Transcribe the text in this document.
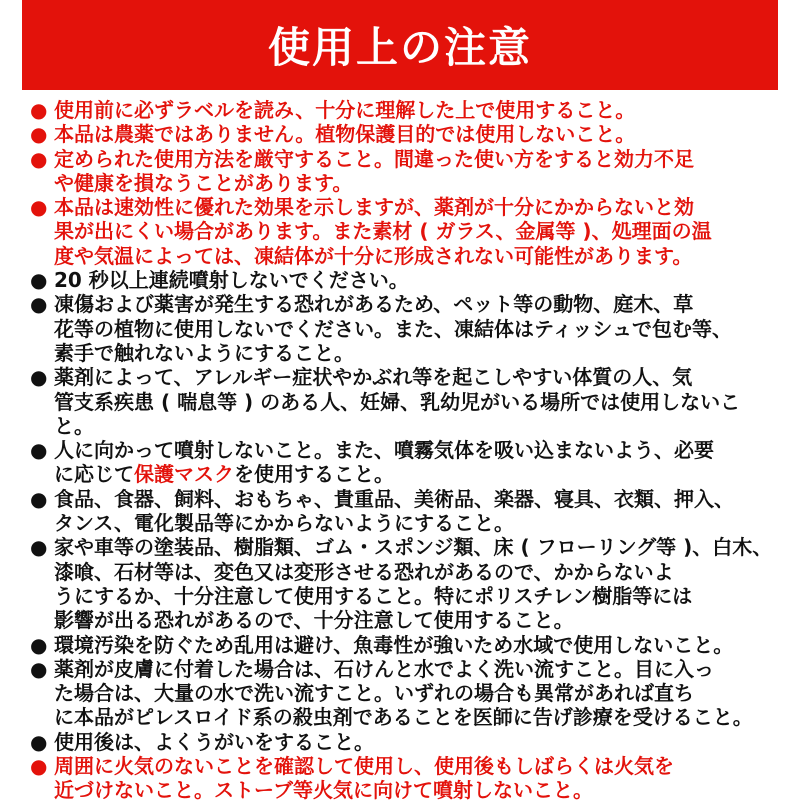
使用上の注意
● 使用前に必ずラベルを読み、十分に理解した上で使用すること。
● 本品は農薬ではありません。植物保護目的では使用しないこと。
● 定められた使用方法を厳守すること。間違った使い方をすると効力不足
や健康を損なうことがあります。
● 本品は速効性に優れた効果を示しますが、薬剤が十分にかからないと効
果が出にくい場合があります。また素材 ( ガラス、金属等 )、処理面の温
度や気温によっては、凍結体が十分に形成されない可能性があります。
● 20 秒以上連続噴射しないでください。
● 凍傷および薬害が発生する恐れがあるため、ペット等の動物、庭木、草
花等の植物に使用しないでください。また、凍結体はティッシュで包む等、
素手で触れないようにすること。
● 薬剤によって、アレルギー症状やかぶれ等を起こしやすい体質の人、気
管支系疾患 ( 喘息等 ) のある人、妊婦、乳幼児がいる場所では使用しないこと。
● 人に向かって噴射しないこと。また、噴霧気体を吸い込まないよう、必要
に応じて保護マスクを使用すること。
● 食品、食器、飼料、おもちゃ、貴重品、美術品、楽器、寝具、衣類、押入、
タンス、電化製品等にかからないようにすること。
● 家や車等の塗装品、樹脂類、ゴム・スポンジ類、床 ( フローリング等 )、白木、
漆喰、石材等は、変色又は変形させる恐れがあるので、かからないよ
うにするか、十分注意して使用すること。特にポリスチレン樹脂等には
影響が出る恐れがあるので、十分注意して使用すること。
● 環境汚染を防ぐため乱用は避け、魚毒性が強いため水域で使用しないこと。
● 薬剤が皮膚に付着した場合は、石けんと水でよく洗い流すこと。目に入っ
た場合は、大量の水で洗い流すこと。いずれの場合も異常があれば直ち
に本品がピレスロイド系の殺虫剤であることを医師に告げ診療を受けること。
● 使用後は、よくうがいをすること。
● 周囲に火気のないことを確認して使用し、使用後もしばらくは火気を
近づけないこと。ストーブ等火気に向けて噴射しないこと。
